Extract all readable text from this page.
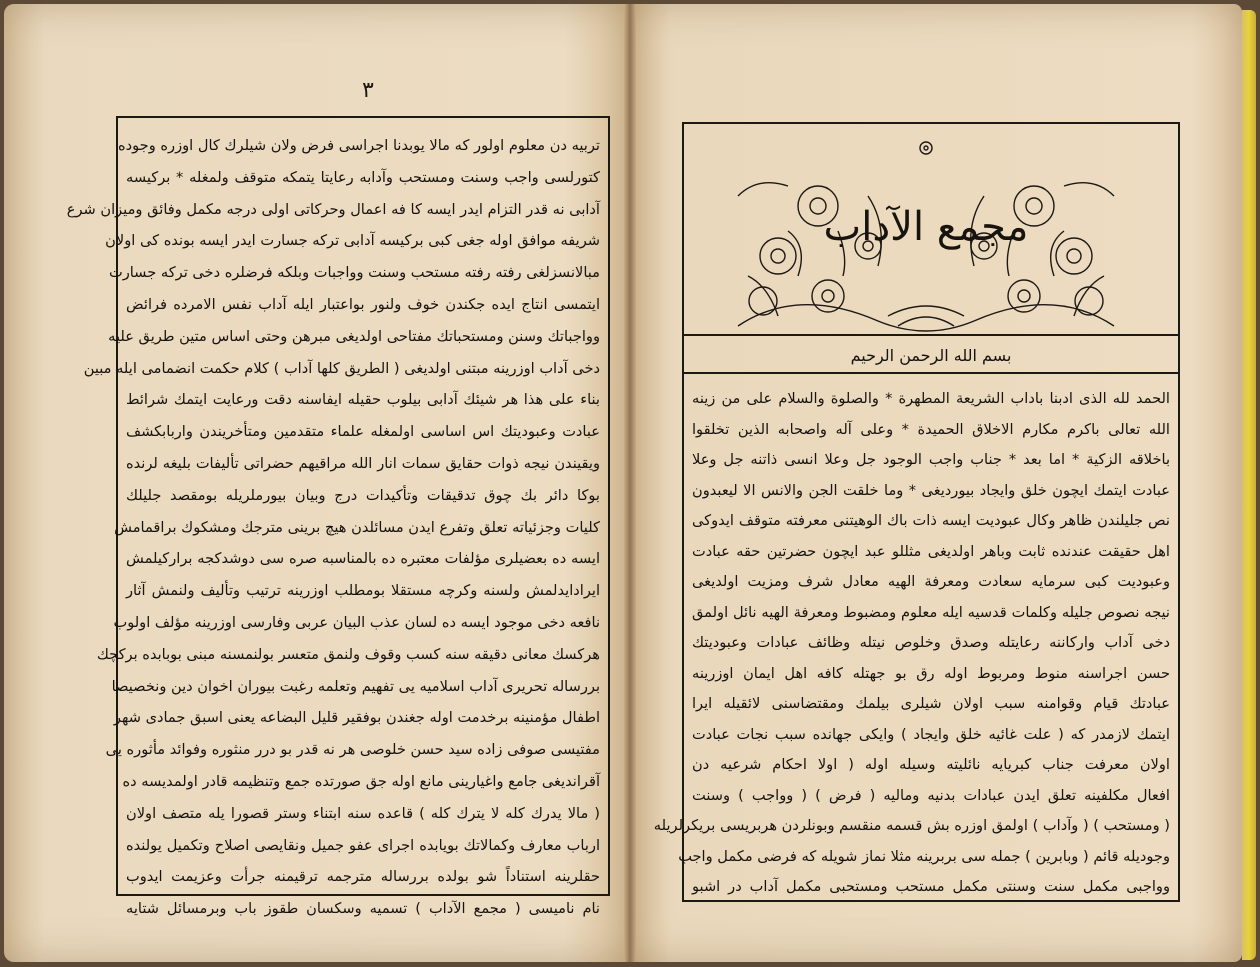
٣
تربيه دن معلوم اولور كه مالا يوبدنا اجراسى فرض ولان شيلرك كال اوزره وجوده
كتورلسى واجب وسنت ومستحب وآدابه رعايتا يتمكه متوقف ولمغله * بركيسه
آدابى نه قدر التزام ايدر ايسه كا فه اعمال وحركاتى اولى درجه مكمل وفائق وميزان شرع
شريفه موافق اوله جغى كبى بركيسه آدابى تركه جسارت ايدر ايسه بونده كى اولان
مبالانسزلغى رفته رفته مستحب وسنت وواجبات وبلكه فرضلره دخى تركه جسارت
ايتمسى انتاج ايده جكندن خوف ولنور بواعتبار ايله آداب نفس الامرده فرائض
وواجباتك وسنن ومستحباتك مفتاحى اولديغى مبرهن وحتى اساس متين طريق عليه
دخى آداب اوزرينه مبتنى اولديغى ( الطريق كلها آداب ) كلام حكمت انضمامى ايله مبين
بناء على هذا هر شيئك آدابى بيلوب حقيله ايفاسنه دقت ورعايت ايتمك شرائط
عبادت وعبوديتك اس اساسى اولمغله علماء متقدمين ومتأخريندن واربابكشف
ويقيندن نيجه ذوات حقايق سمات انار الله مراقيهم حضراتى تأليفات بليغه لرنده
بوكا دائر بك چوق تدقيقات وتأكيدات درج وبيان بيورملريله بومقصد جليلك
كليات وجزئياته تعلق وتفرع ايدن مسائلدن هيچ برينى مترجك ومشكوك براقمامش
ايسه ده بعضيلرى مؤلفات معتبره ده بالمناسبه صره سى دوشدكجه براركيلمش
ايرادايدلمش ولسنه وكرچه مستقلا بومطلب اوزرينه ترتيب وتأليف ولنمش آثار
نافعه دخى موجود ايسه ده لسان عذب البيان عربى وفارسى اوزرينه مؤلف اولوب
هركسك معانى دقيقه سنه كسب وقوف ولنمق متعسر بولنمسنه مبنى بوبابده بركچك
بررساله تحريرى آداب اسلاميه يى تفهيم وتعلمه رغبت بيوران اخوان دين ونخصيصا
اطفال مؤمنينه برخدمت اوله جغندن بوفقير قليل البضاعه يعنى اسبق جمادى شهر
مفتيسى صوفى زاده سيد حسن خلوصى هر نه قدر بو درر منثوره وفوائد مأثوره يى
آقرانديغى جامع واغيارينى مانع اوله جق صورتده جمع وتنظيمه قادر اولمديسه ده
( مالا يدرك كله لا يترك كله ) قاعده سنه ابتناء وستر قصورا يله متصف اولان
ارباب معارف وكمالاتك بويابده اجراى عفو جميل ونقايصى اصلاح وتكميل يولنده
حقلرينه استناداً شو بولده بررساله مترجمه ترقيمنه جرأت وعزيمت ايدوب
نام ناميسى ( مجمع الآداب ) تسميه وسكسان طقوز باب وبرمسائل شتايه
مجمع الآداب
بسم الله الرحمن الرحيم
الحمد لله الذى ادبنا باداب الشريعة المطهرة * والصلوة والسلام على من زينه
الله تعالى باكرم مكارم الاخلاق الحميدة * وعلى آله واصحابه الذين تخلقوا
باخلاقه الزكية * اما بعد * جناب واجب الوجود جل وعلا انسى ذاتنه جل وعلا
عبادت ايتمك ايچون خلق وايجاد بيورديغى * وما خلقت الجن والانس الا ليعبدون
نص جليلندن ظاهر وكال عبوديت ايسه ذات باك الوهيتنى معرفته متوقف ايدوكى
اهل حقيقت عندنده ثابت وباهر اولديغى مثللو عبد ايچون حضرتين حقه عبادت
وعبوديت كبى سرمايه سعادت ومعرفة الهيه معادل شرف ومزيت اولديغى
نيجه نصوص جليله وكلمات قدسيه ايله معلوم ومضبوط ومعرفة الهيه نائل اولمق
دخى آداب واركاننه رعايتله وصدق وخلوص نيتله وظائف عبادات وعبوديتك
حسن اجراسنه منوط ومربوط اوله رق بو جهتله كافه اهل ايمان اوزرينه
عبادتك قيام وقوامنه سبب اولان شيلرى بيلمك ومقتضاسنى لائقيله ايرا
ايتمك لازمدر كه ( علت غائيه خلق وايجاد ) وايكى جهانده سبب نجات عبادت
اولان معرفت جناب كبريايه نائليته وسيله اوله ( اولا احكام شرعيه دن
افعال مكلفينه تعلق ايدن عبادات بدنيه وماليه ( فرض ) ( وواجب ) وسنت
( ومستحب ) ( وآداب ) اولمق اوزره بش قسمه منقسم وبونلردن هربريسى بريكرلريله
وجوديله قائم ( وبابرين ) جمله سى بربرينه مثلا نماز شويله كه فرضى مكمل واجب
وواجبى مكمل سنت وسنتى مكمل مستحب ومستحبى مكمل آداب در اشبو
